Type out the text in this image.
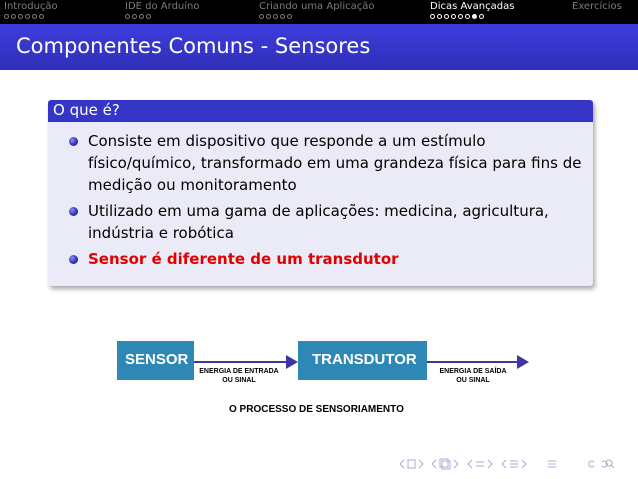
Introdução	IDE do Arduíno	Criando uma Aplicação	Dicas Avançadas	Exercícios
Componentes Comuns - Sensores
O que é?
Consiste em dispositivo que responde a um estímulo físico/químico, transformado em uma grandeza física para fins de medição ou monitoramento
Utilizado em uma gama de aplicações: medicina, agricultura, indústria e robótica
Sensor é diferente de um transdutor
SENSOR	TRANSDUTOR
ENERGIA DE ENTRADA
OU SINAL
ENERGIA DE SAÍDA
OU SINAL
O PROCESSO DE SENSORIAMENTO
